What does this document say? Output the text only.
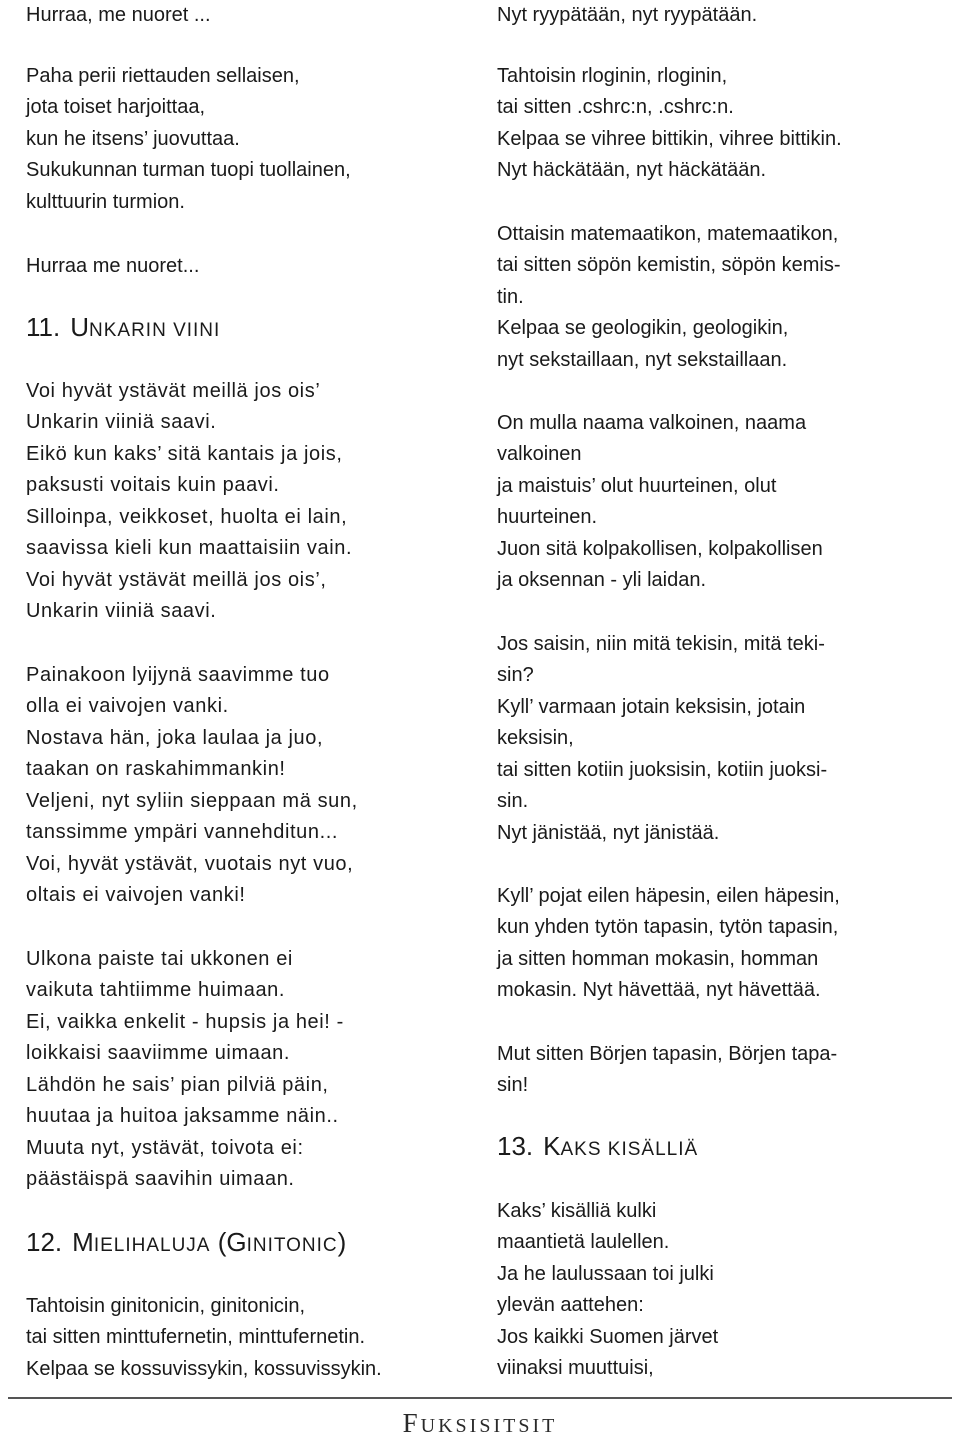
Hurraa, me nuoret ...
Paha perii riettauden sellaisen,
jota toiset harjoittaa,
kun he itsens’ juovuttaa.
Sukukunnan turman tuopi tuollainen,
kulttuurin turmion.
Hurraa me nuoret...
11. UNKARIN VIINI
Voi hyvät ystävät meillä jos ois’
Unkarin viiniä saavi.
Eikö kun kaks’ sitä kantais ja jois,
paksusti voitais kuin paavi.
Silloinpa, veikkoset, huolta ei lain,
saavissa kieli kun maattaisiin vain.
Voi hyvät ystävät meillä jos ois’,
Unkarin viiniä saavi.
Painakoon lyijynä saavimme tuo
olla ei vaivojen vanki.
Nostava hän, joka laulaa ja juo,
taakan on raskahimmankin!
Veljeni, nyt syliin sieppaan mä sun,
tanssimme ympäri vannehditun...
Voi, hyvät ystävät, vuotais nyt vuo,
oltais ei vaivojen vanki!
Ulkona paiste tai ukkonen ei
vaikuta tahtiimme huimaan.
Ei, vaikka enkelit - hupsis ja hei! -
loikkaisi saaviimme uimaan.
Lähdön he sais’ pian pilviä päin,
huutaa ja huitoa jaksamme näin..
Muuta nyt, ystävät, toivota ei:
päästäispä saavihin uimaan.
12. MIELIHALUJA (GINITONIC)
Tahtoisin ginitonicin, ginitonicin,
tai sitten minttufernetin, minttufernetin.
Kelpaa se kossuvissykin, kossuvissykin.
Nyt ryypätään, nyt ryypätään.
Tahtoisin rloginin, rloginin,
tai sitten .cshrc:n, .cshrc:n.
Kelpaa se vihree bittikin, vihree bittikin.
Nyt häckätään, nyt häckätään.
Ottaisin matemaatikon, matemaatikon,
tai sitten söpön kemistin, söpön kemis-
tin.
Kelpaa se geologikin, geologikin,
nyt sekstaillaan, nyt sekstaillaan.
On mulla naama valkoinen, naama
valkoinen
ja maistuis’ olut huurteinen, olut
huurteinen.
Juon sitä kolpakollisen, kolpakollisen
ja oksennan - yli laidan.
Jos saisin, niin mitä tekisin, mitä teki-
sin?
Kyll’ varmaan jotain keksisin, jotain
keksisin,
tai sitten kotiin juoksisin, kotiin juoksi-
sin.
Nyt jänistää, nyt jänistää.
Kyll’ pojat eilen häpesin, eilen häpesin,
kun yhden tytön tapasin, tytön tapasin,
ja sitten homman mokasin, homman
mokasin. Nyt hävettää, nyt hävettää.
Mut sitten Börjen tapasin, Börjen tapa-
sin!
13. KAKS KISÄLLIÄ
Kaks’ kisälliä kulki
maantietä laulellen.
Ja he laulussaan toi julki
ylevän aattehen:
Jos kaikki Suomen järvet
viinaksi muuttuisi,
FUKSISITSIT
